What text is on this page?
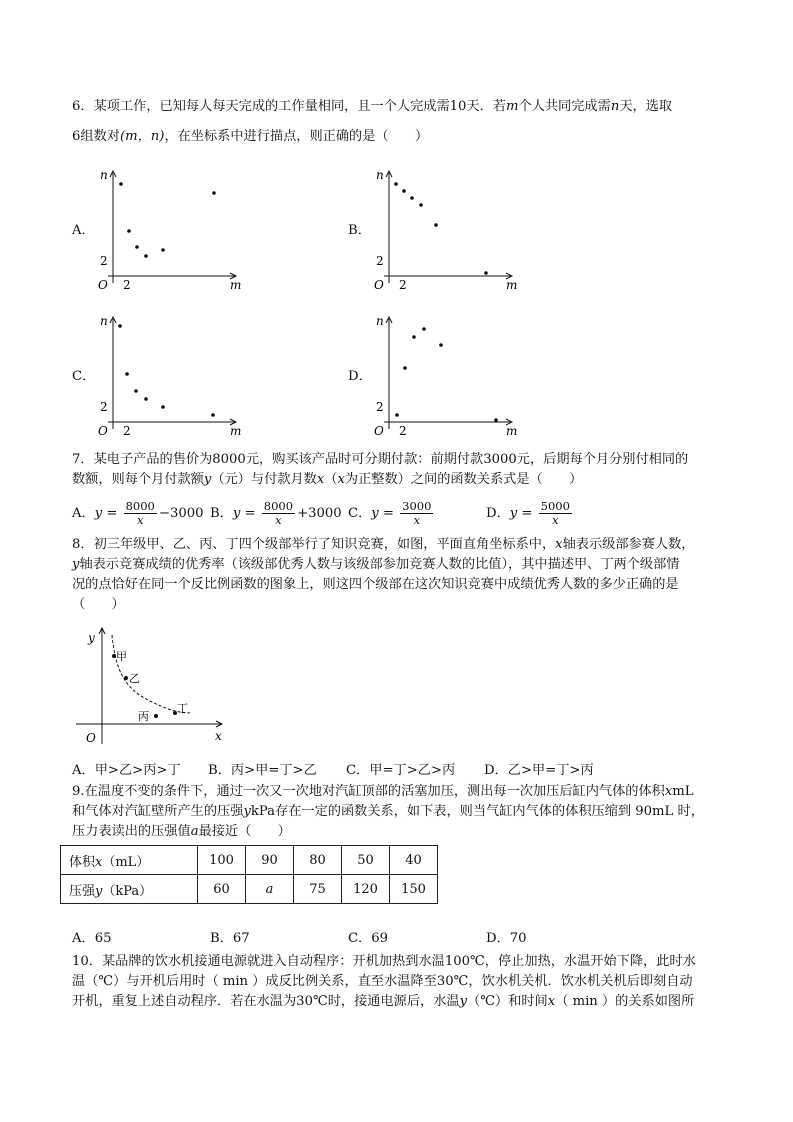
6．某项工作，已知每人每天完成的工作量相同，且一个人完成需10天．若m个人共同完成需n天，选取
6组数对(m，n)，在坐标系中进行描点，则正确的是（　　）
A．
n
m
O 2
2
B．
n
m
O 2
2
C．
n
m
O 2
2
D．
n
m
O 2
2
7．某电子产品的售价为8000元，购买该产品时可分期付款：前期付款3000元，后期每个月分别付相同的
数额，则每个月付款额y（元）与付款月数x（x为正整数）之间的函数关系式是（　　）
A．$y = \frac{8000}{x} -3000$ B．$y = \frac{8000}{x} +3000$ C．$y = \frac{3000}{x}$	D．$y = \frac{5000}{x}$
8．初三年级甲、乙、丙、丁四个级部举行了知识竞赛，如图，平面直角坐标系中，x轴表示级部参赛人数，
y轴表示竞赛成绩的优秀率（该级部优秀人数与该级部参加竞赛人数的比值），其中描述甲、丁两个级部情
况的点恰好在同一个反比例函数的图象上，则这四个级部在这次知识竞赛中成绩优秀人数的多少正确的是
（　　）
y
x
O
甲
乙
丙
丁
A．甲>乙>丙>丁 B．丙>甲=丁>乙 C．甲=丁>乙>丙 D．乙>甲=丁>丙
9.在温度不变的条件下，通过一次又一次地对汽缸顶部的活塞加压，测出每一次加压后缸内气体的体积xmL
和气体对汽缸壁所产生的压强ykPa存在一定的函数关系，如下表，则当气缸内气体的体积压缩到 90mL 时，
压力表读出的压强值a最接近（　　）
体积x（mL）	100	90	80	50	40
压强y（kPa）	60	a	75	120	150
A．65	B．67	C．69	D．70
10．某品牌的饮水机接通电源就进入自动程序：开机加热到水温100℃，停止加热，水温开始下降，此时水
温（℃）与开机后用时（ min ）成反比例关系，直至水温降至30℃，饮水机关机．饮水机关机后即刻自动
开机，重复上述自动程序．若在水温为30℃时，接通电源后，水温y（℃）和时间x（ min ）的关系如图所
